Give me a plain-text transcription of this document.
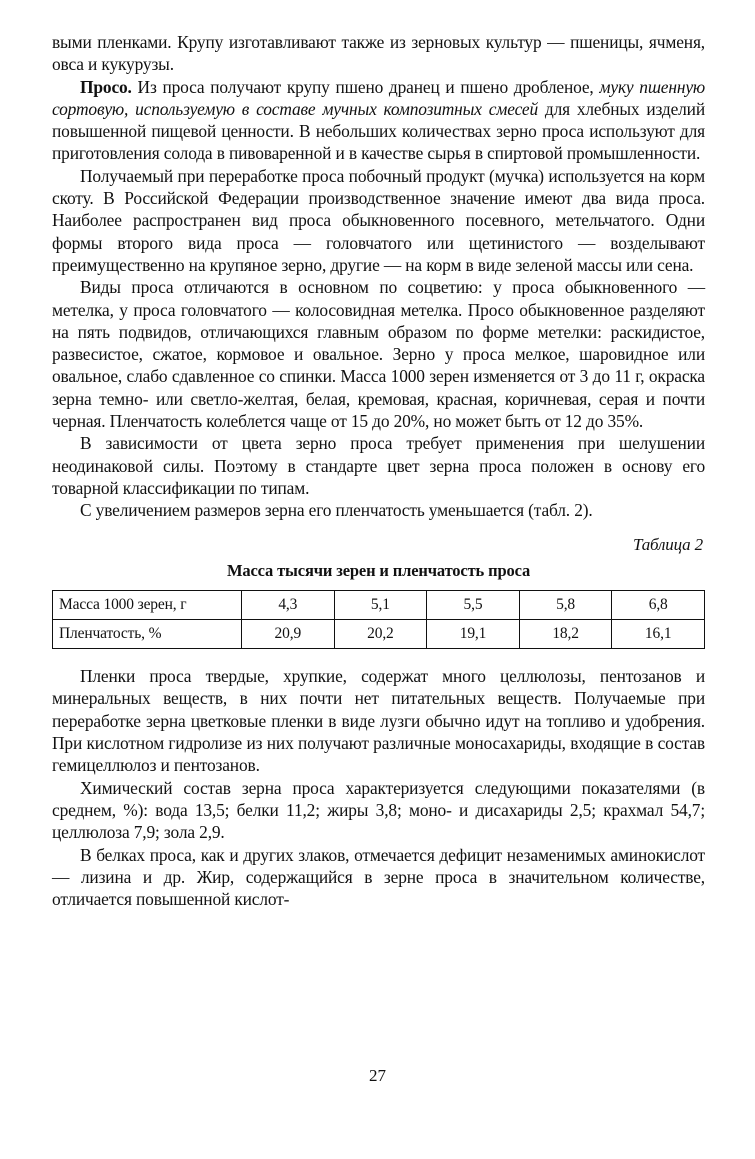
выми пленками. Крупу изготавливают также из зерновых культур — пшеницы, ячменя, овса и кукурузы.

Просо. Из проса получают крупу пшено дранец и пшено дробленое, муку пшенную сортовую, используемую в составе мучных композитных смесей для хлебных изделий повышенной пищевой ценности. В небольших количествах зерно проса используют для приготовления солода в пивоваренной и в качестве сырья в спиртовой промышленности.

Получаемый при переработке проса побочный продукт (мучка) используется на корм скоту. В Российской Федерации производственное значение имеют два вида проса. Наиболее распространен вид проса обыкновенного посевного, метельчатого. Одни формы второго вида проса — головчатого или щетинистого — возделывают преимущественно на крупяное зерно, другие — на корм в виде зеленой массы или сена.

Виды проса отличаются в основном по соцветию: у проса обыкновенного — метелка, у проса головчатого — колосовидная метелка. Просо обыкновенное разделяют на пять подвидов, отличающихся главным образом по форме метелки: раскидистое, развесистое, сжатое, кормовое и овальное. Зерно у проса мелкое, шаровидное или овальное, слабо сдавленное со спинки. Масса 1000 зерен изменяется от 3 до 11 г, окраска зерна темно- или светло-желтая, белая, кремовая, красная, коричневая, серая и почти черная. Пленчатость колеблется чаще от 15 до 20%, но может быть от 12 до 35%.

В зависимости от цвета зерно проса требует применения при шелушении неодинаковой силы. Поэтому в стандарте цвет зерна проса положен в основу его товарной классификации по типам.

С увеличением размеров зерна его пленчатость уменьшается (табл. 2).

Таблица 2
Масса тысячи зерен и пленчатость проса
Масса 1000 зерен, г	4,3	5,1	5,5	5,8	6,8
Пленчатость, %	20,9	20,2	19,1	18,2	16,1

Пленки проса твердые, хрупкие, содержат много целлюлозы, пентозанов и минеральных веществ, в них почти нет питательных веществ. Получаемые при переработке зерна цветковые пленки в виде лузги обычно идут на топливо и удобрения. При кислотном гидролизе из них получают различные моносахариды, входящие в состав гемицеллюлоз и пентозанов.

Химический состав зерна проса характеризуется следующими показателями (в среднем, %): вода 13,5; белки 11,2; жиры 3,8; моно- и дисахариды 2,5; крахмал 54,7; целлюлоза 7,9; зола 2,9.

В белках проса, как и других злаков, отмечается дефицит незаменимых аминокислот — лизина и др. Жир, содержащийся в зерне проса в значительном количестве, отличается повышенной кислот-

27
